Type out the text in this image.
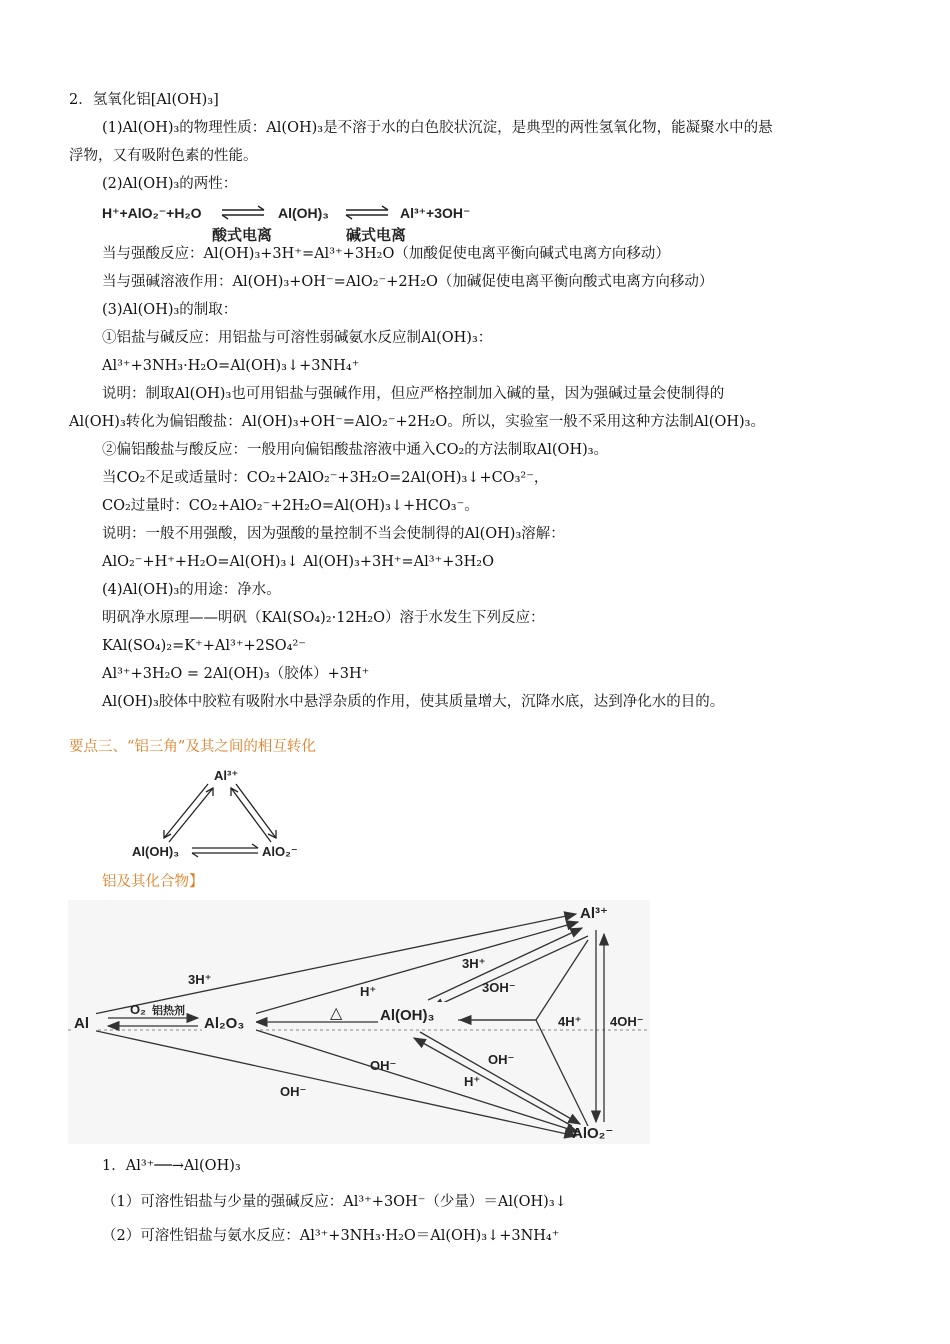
2．氢氧化铝[Al(OH)₃]
(1)Al(OH)₃的物理性质：Al(OH)₃是不溶于水的白色胶状沉淀，是典型的两性氢氧化物，能凝聚水中的悬
浮物，又有吸附色素的性能。
(2)Al(OH)₃的两性：
H⁺+AlO₂⁻+H₂O	Al(OH)₃	Al³⁺+3OH⁻
酸式电离	碱式电离
当与强酸反应：Al(OH)₃+3H⁺=Al³⁺+3H₂O（加酸促使电离平衡向碱式电离方向移动）
当与强碱溶液作用：Al(OH)₃+OH⁻=AlO₂⁻+2H₂O（加碱促使电离平衡向酸式电离方向移动）
(3)Al(OH)₃的制取：
①铝盐与碱反应：用铝盐与可溶性弱碱氨水反应制Al(OH)₃：
Al³⁺+3NH₃·H₂O=Al(OH)₃↓+3NH₄⁺
说明：制取Al(OH)₃也可用铝盐与强碱作用，但应严格控制加入碱的量，因为强碱过量会使制得的
Al(OH)₃转化为偏铝酸盐：Al(OH)₃+OH⁻=AlO₂⁻+2H₂O。所以，实验室一般不采用这种方法制Al(OH)₃。
②偏铝酸盐与酸反应：一般用向偏铝酸盐溶液中通入CO₂的方法制取Al(OH)₃。
当CO₂不足或适量时：CO₂+2AlO₂⁻+3H₂O=2Al(OH)₃↓+CO₃²⁻，
CO₂过量时：CO₂+AlO₂⁻+2H₂O=Al(OH)₃↓+HCO₃⁻。
说明：一般不用强酸，因为强酸的量控制不当会使制得的Al(OH)₃溶解：
AlO₂⁻+H⁺+H₂O=Al(OH)₃↓ Al(OH)₃+3H⁺=Al³⁺+3H₂O
(4)Al(OH)₃的用途：净水。
明矾净水原理——明矾（KAl(SO₄)₂·12H₂O）溶于水发生下列反应：
KAl(SO₄)₂=K⁺+Al³⁺+2SO₄²⁻
Al³⁺+3H₂O = 2Al(OH)₃（胶体）+3H⁺
Al(OH)₃胶体中胶粒有吸附水中悬浮杂质的作用，使其质量增大，沉降水底，达到净化水的目的。
要点三、“铝三角”及其之间的相互转化
Al³⁺
Al(OH)₃	AlO₂⁻
铝及其化合物】
Al	Al₂O₃	Al(OH)₃
Al³⁺
AlO₂⁻
3H⁺
O₂ 铝热剂	△
H⁺
3H⁺
3OH⁻
4H⁺ 4OH⁻
OH⁻	OH⁻
H⁺
OH⁻
1．Al³⁺──→Al(OH)₃
（1）可溶性铝盐与少量的强碱反应：Al³⁺+3OH⁻（少量）＝Al(OH)₃↓
（2）可溶性铝盐与氨水反应：Al³⁺+3NH₃·H₂O＝Al(OH)₃↓+3NH₄⁺
